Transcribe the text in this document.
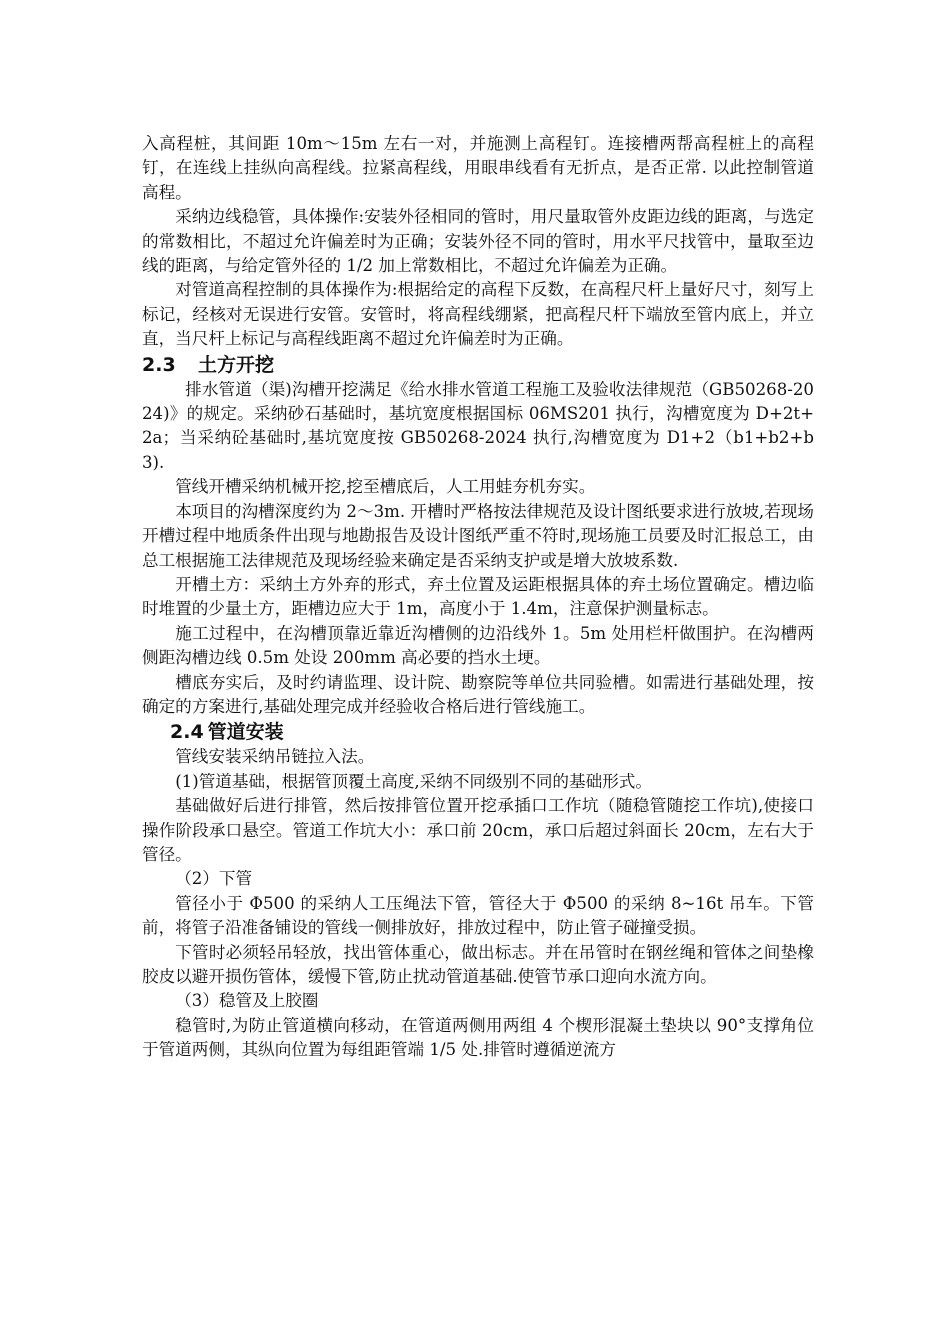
入高程桩，其间距 10m～15m 左右一对，并施测上高程钉。连接槽两帮高程桩上的高程钉，在连线上挂纵向高程线。拉紧高程线，用眼串线看有无折点，是否正常. 以此控制管道高程。

采纳边线稳管，具体操作:安装外径相同的管时，用尺量取管外皮距边线的距离，与选定的常数相比，不超过允许偏差时为正确；安装外径不同的管时，用水平尺找管中，量取至边线的距离，与给定管外径的 1/2 加上常数相比，不超过允许偏差为正确。

对管道高程控制的具体操作为:根据给定的高程下反数，在高程尺杆上量好尺寸，刻写上标记，经核对无误进行安管。安管时，将高程线绷紧，把高程尺杆下端放至管内底上，并立直，当尺杆上标记与高程线距离不超过允许偏差时为正确。

2.3 土方开挖

排水管道（渠)沟槽开挖满足《给水排水管道工程施工及验收法律规范（GB50268-2024)》的规定。采纳砂石基础时，基坑宽度根据国标 06MS201 执行，沟槽宽度为 D+2t+2a；当采纳砼基础时,基坑宽度按 GB50268-2024 执行,沟槽宽度为 D1+2（b1+b2+b3).

管线开槽采纳机械开挖,挖至槽底后，人工用蛙夯机夯实。

本项目的沟槽深度约为 2～3m. 开槽时严格按法律规范及设计图纸要求进行放坡,若现场开槽过程中地质条件出现与地勘报告及设计图纸严重不符时,现场施工员要及时汇报总工，由总工根据施工法律规范及现场经验来确定是否采纳支护或是增大放坡系数.

开槽土方：采纳土方外弃的形式，弃土位置及运距根据具体的弃土场位置确定。槽边临时堆置的少量土方，距槽边应大于 1m，高度小于 1.4m，注意保护测量标志。

施工过程中，在沟槽顶靠近靠近沟槽侧的边沿线外 1。5m 处用栏杆做围护。在沟槽两侧距沟槽边线 0.5m 处设 200mm 高必要的挡水土埂。

槽底夯实后，及时约请监理、设计院、勘察院等单位共同验槽。如需进行基础处理，按确定的方案进行,基础处理完成并经验收合格后进行管线施工。

2.4 管道安装

管线安装采纳吊链拉入法。

(1)管道基础，根据管顶覆土高度,采纳不同级别不同的基础形式。

基础做好后进行排管，然后按排管位置开挖承插口工作坑（随稳管随挖工作坑),使接口操作阶段承口悬空。管道工作坑大小：承口前 20cm，承口后超过斜面长 20cm，左右大于管径。

（2）下管

管径小于 Φ500 的采纳人工压绳法下管，管径大于 Φ500 的采纳 8~16t 吊车。下管前，将管子沿准备铺设的管线一侧排放好，排放过程中，防止管子碰撞受损。

下管时必须轻吊轻放，找出管体重心，做出标志。并在吊管时在钢丝绳和管体之间垫橡胶皮以避开损伤管体，缓慢下管,防止扰动管道基础.使管节承口迎向水流方向。

（3）稳管及上胶圈

稳管时,为防止管道横向移动，在管道两侧用两组 4 个楔形混凝土垫块以 90°支撑角位于管道两侧，其纵向位置为每组距管端 1/5 处.排管时遵循逆流方
